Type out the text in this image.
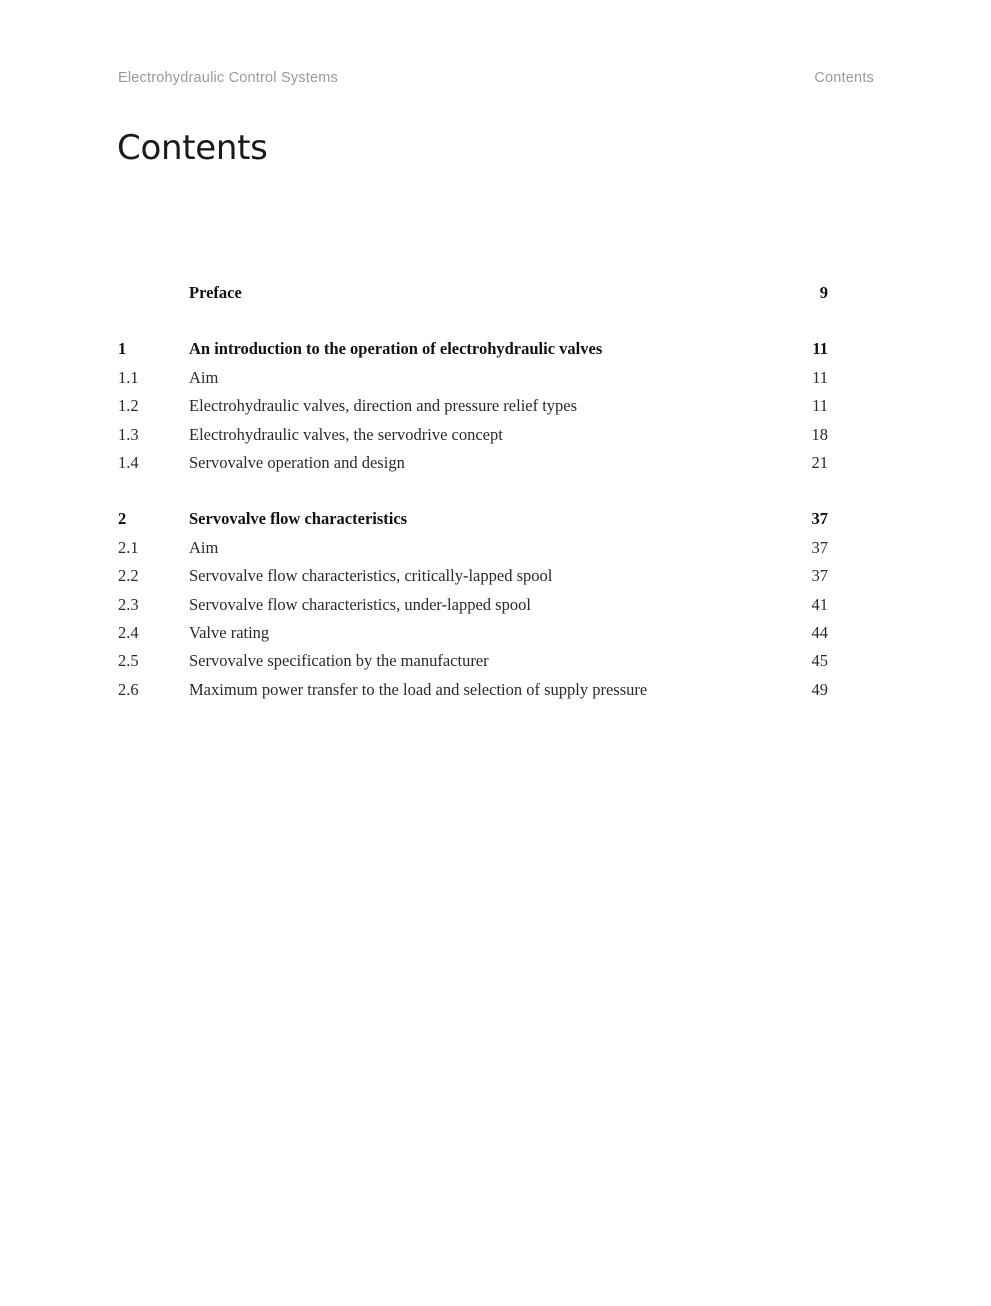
Electrohydraulic Control Systems	Contents
Contents
Preface	9
1	An introduction to the operation of electrohydraulic valves	11
1.1	Aim	11
1.2	Electrohydraulic valves, direction and pressure relief types	11
1.3	Electrohydraulic valves, the servodrive concept	18
1.4	Servovalve operation and design	21
2	Servovalve flow characteristics	37
2.1	Aim	37
2.2	Servovalve flow characteristics, critically-lapped spool	37
2.3	Servovalve flow characteristics, under-lapped spool	41
2.4	Valve rating	44
2.5	Servovalve specification by the manufacturer	45
2.6	Maximum power transfer to the load and selection of supply pressure	49
